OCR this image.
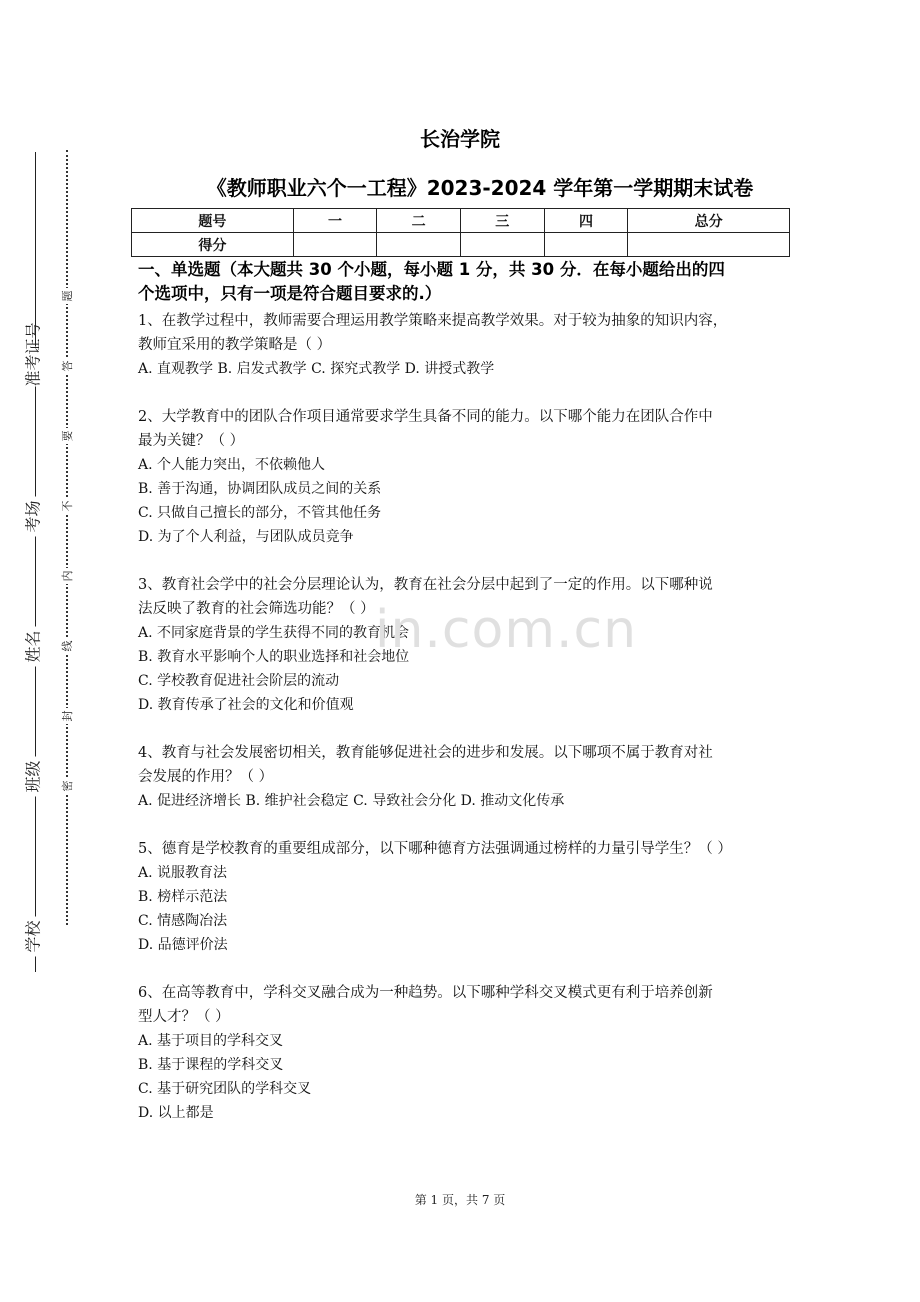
准考证号
考场
姓名
班级
学校
题
答
要
不
内
线
封
密
长治学院
《教师职业六个一工程》2023-2024 学年第一学期期末试卷
题号	一	二	三	四	总分
得分					
一、单选题（本大题共 30 个小题，每小题 1 分，共 30 分．在每小题给出的四
个选项中，只有一项是符合题目要求的.）
1、在教学过程中，教师需要合理运用教学策略来提高教学效果。对于较为抽象的知识内容，
教师宜采用的教学策略是（ ）
A. 直观教学 B. 启发式教学 C. 探究式教学 D. 讲授式教学
2、大学教育中的团队合作项目通常要求学生具备不同的能力。以下哪个能力在团队合作中
最为关键？（ ）
A. 个人能力突出，不依赖他人
B. 善于沟通，协调团队成员之间的关系
C. 只做自己擅长的部分，不管其他任务
D. 为了个人利益，与团队成员竞争
3、教育社会学中的社会分层理论认为，教育在社会分层中起到了一定的作用。以下哪种说
法反映了教育的社会筛选功能？（ ）
A. 不同家庭背景的学生获得不同的教育机会
B. 教育水平影响个人的职业选择和社会地位
C. 学校教育促进社会阶层的流动
D. 教育传承了社会的文化和价值观
4、教育与社会发展密切相关，教育能够促进社会的进步和发展。以下哪项不属于教育对社
会发展的作用？（ ）
A. 促进经济增长 B. 维护社会稳定 C. 导致社会分化 D. 推动文化传承
5、德育是学校教育的重要组成部分，以下哪种德育方法强调通过榜样的力量引导学生？（ ）
A. 说服教育法
B. 榜样示范法
C. 情感陶冶法
D. 品德评价法
6、在高等教育中，学科交叉融合成为一种趋势。以下哪种学科交叉模式更有利于培养创新
型人才？（ ）
A. 基于项目的学科交叉
B. 基于课程的学科交叉
C. 基于研究团队的学科交叉
D. 以上都是
in.com.cn
第 1 页，共 7 页
